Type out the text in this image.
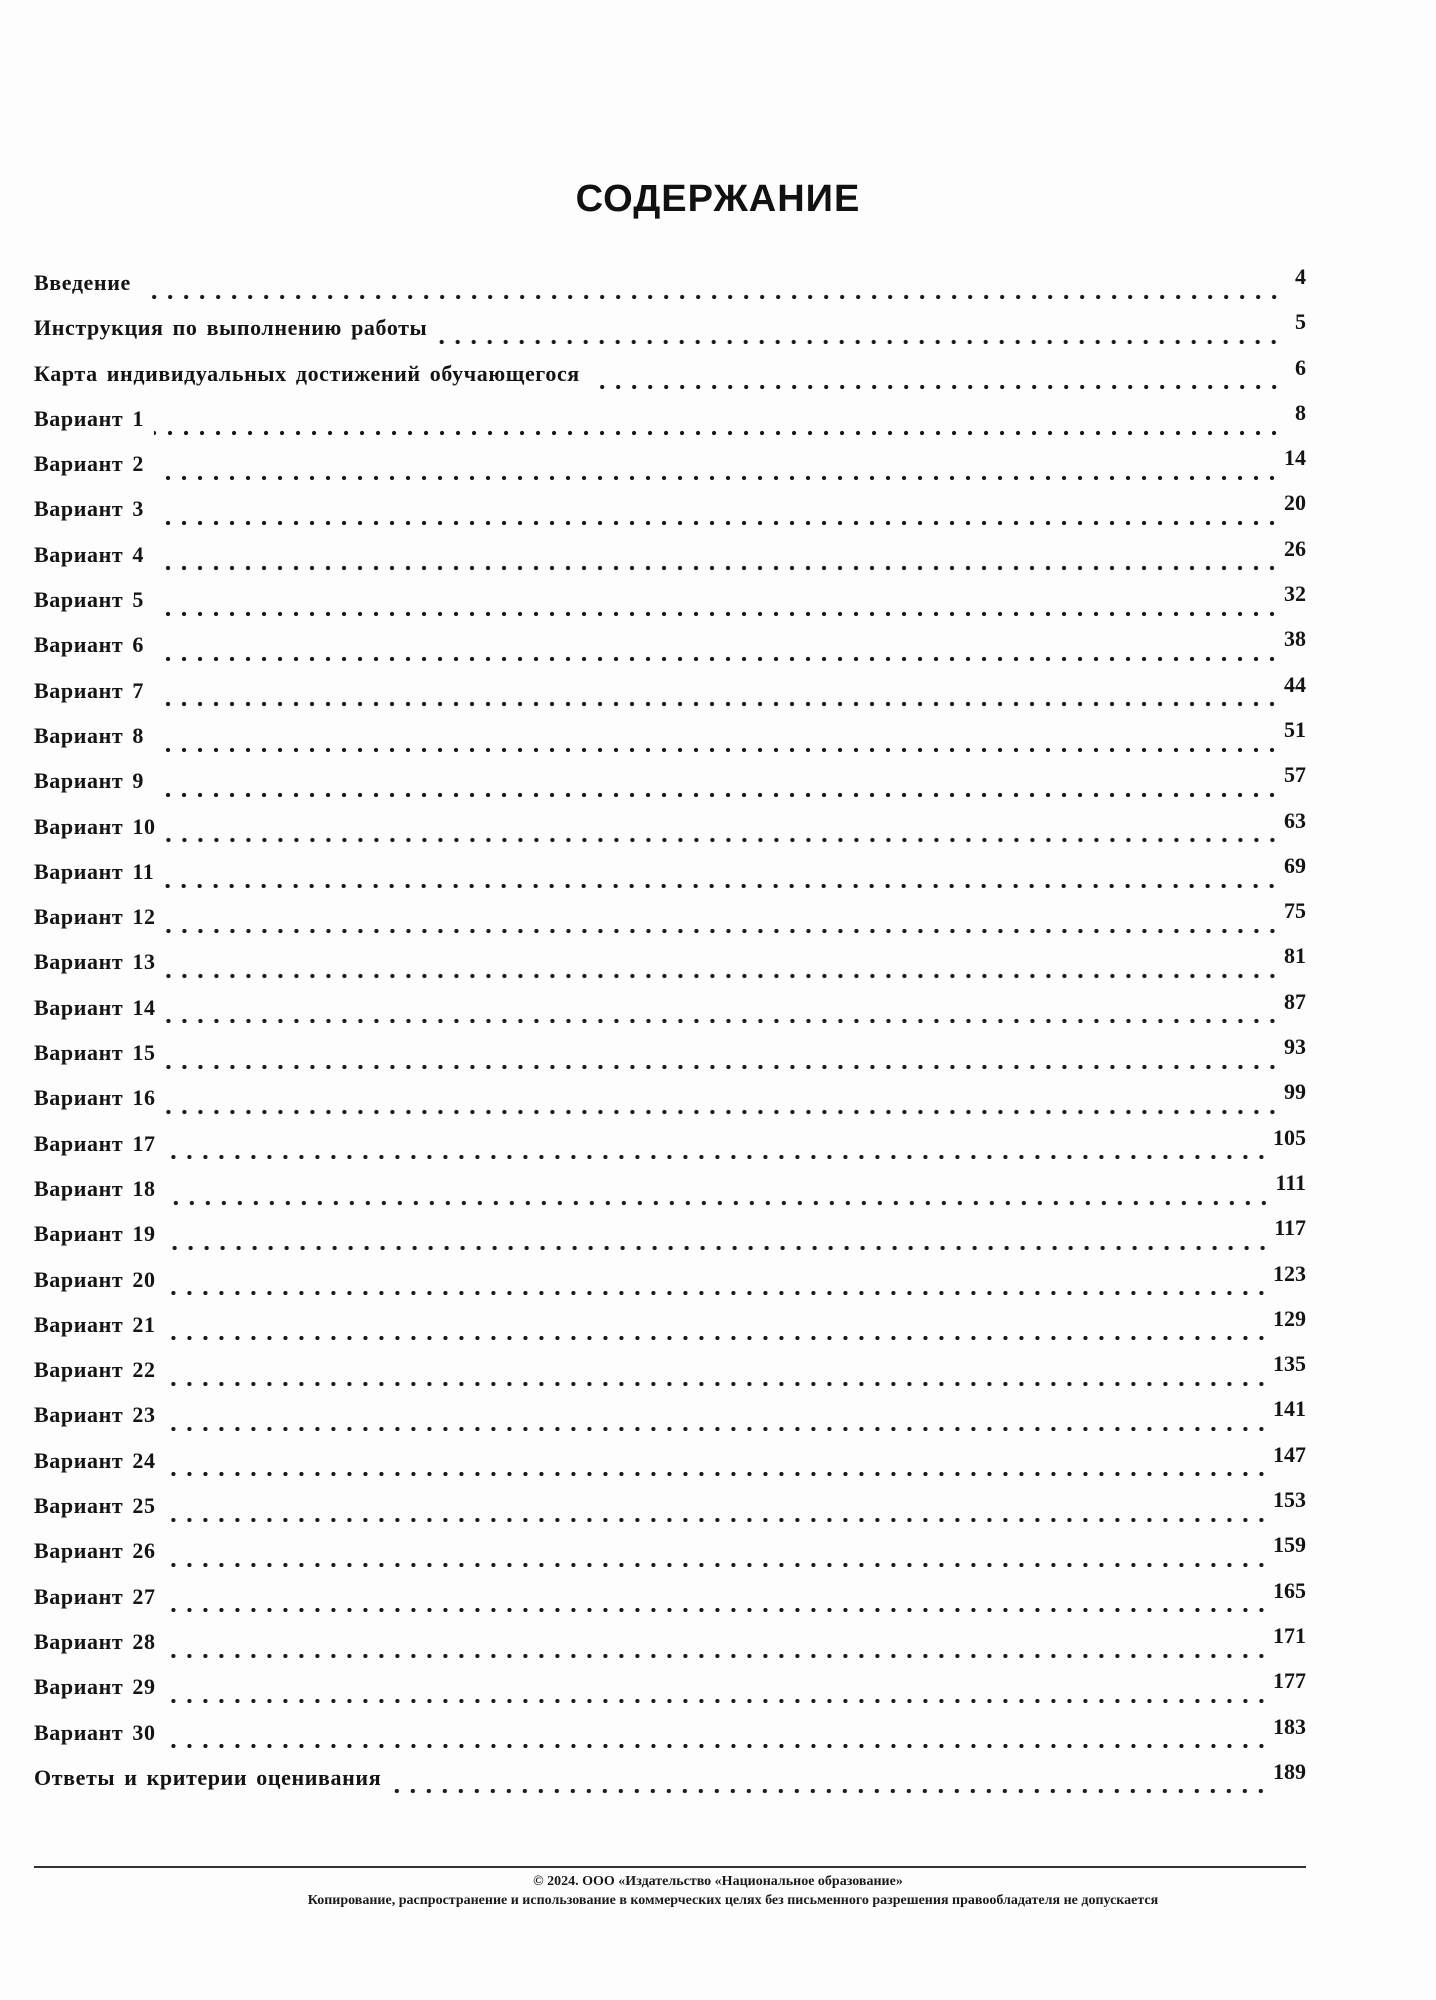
СОДЕРЖАНИЕ
Введение	4
Инструкция по выполнению работы	5
Карта индивидуальных достижений обучающегося	6
Вариант 1	8
Вариант 2	14
Вариант 3	20
Вариант 4	26
Вариант 5	32
Вариант 6	38
Вариант 7	44
Вариант 8	51
Вариант 9	57
Вариант 10	63
Вариант 11	69
Вариант 12	75
Вариант 13	81
Вариант 14	87
Вариант 15	93
Вариант 16	99
Вариант 17	105
Вариант 18	111
Вариант 19	117
Вариант 20	123
Вариант 21	129
Вариант 22	135
Вариант 23	141
Вариант 24	147
Вариант 25	153
Вариант 26	159
Вариант 27	165
Вариант 28	171
Вариант 29	177
Вариант 30	183
Ответы и критерии оценивания	189
© 2024. ООО «Издательство «Национальное образование»
Копирование, распространение и использование в коммерческих целях без письменного разрешения правообладателя не допускается
